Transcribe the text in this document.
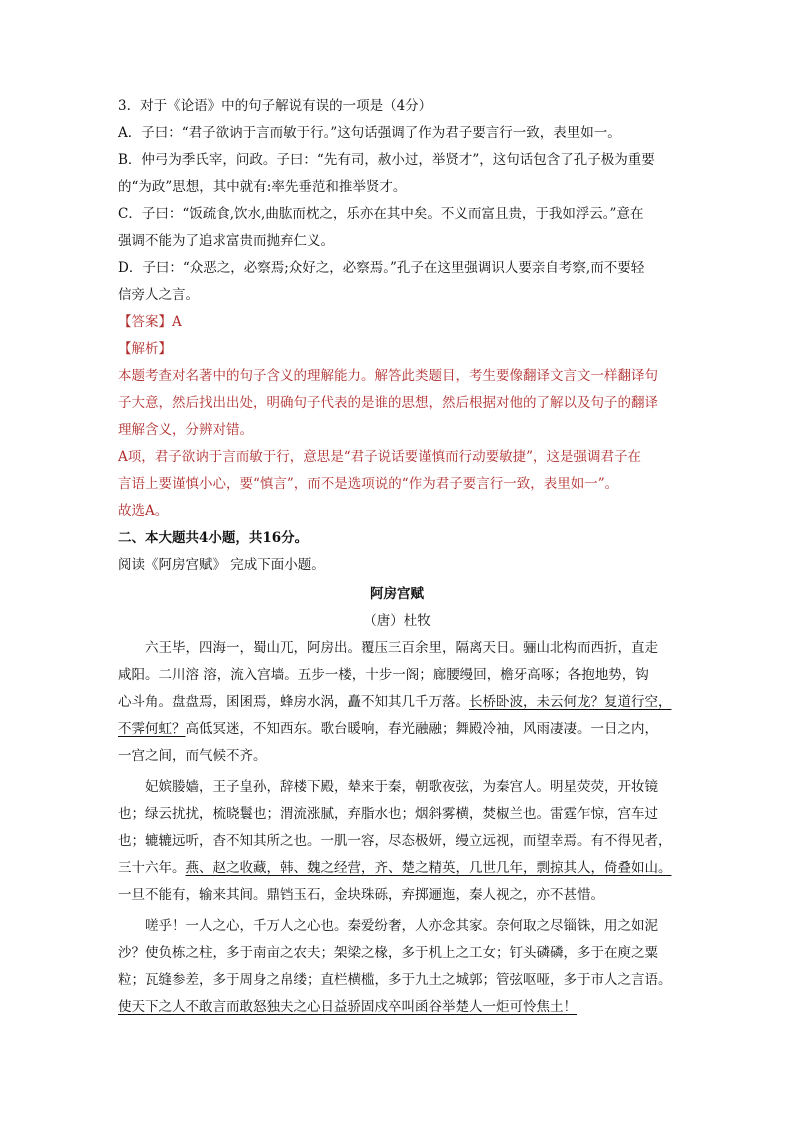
3．对于《论语》中的句子解说有误的一项是（4分）
A．子曰：“君子欲讷于言而敏于行。”这句话强调了作为君子要言行一致，表里如一。
B．仲弓为季氏宰，问政。子曰：“先有司，赦小过，举贤才”，这句话包含了孔子极为重要
的“为政”思想，其中就有:率先垂范和推举贤才。
C．子曰：“饭疏食,饮水,曲肱而枕之，乐亦在其中矣。不义而富且贵，于我如浮云。”意在
强调不能为了追求富贵而抛弃仁义。
D．子曰：“众恶之，必察焉;众好之，必察焉。”孔子在这里强调识人要亲自考察,而不要轻
信旁人之言。
【答案】A
【解析】
本题考查对名著中的句子含义的理解能力。解答此类题目，考生要像翻译文言文一样翻译句
子大意，然后找出出处，明确句子代表的是谁的思想，然后根据对他的了解以及句子的翻译
理解含义，分辨对错。
A项，君子欲讷于言而敏于行，意思是“君子说话要谨慎而行动要敏捷”，这是强调君子在
言语上要谨慎小心，要“慎言”，而不是选项说的“作为君子要言行一致，表里如一”。
故选A。
二、本大题共4小题，共16分。
阅读《阿房宫赋》 完成下面小题。
阿房宫赋
（唐）杜牧
六王毕，四海一，蜀山兀，阿房出。覆压三百余里，隔离天日。骊山北构而西折，直走
咸阳。二川溶 溶，流入宫墙。五步一楼，十步一阁；廊腰缦回，檐牙高啄；各抱地势，钩
心斗角。盘盘焉，囷囷焉，蜂房水涡，矗不知其几千万落。长桥卧波，未云何龙？复道行空，
不霁何虹？高低冥迷，不知西东。歌台暖响，春光融融；舞殿冷袖，风雨凄凄。一日之内，
一宫之间，而气候不齐。
妃嫔媵嫱，王子皇孙，辞楼下殿，辇来于秦，朝歌夜弦，为秦宫人。明星荧荧，开妆镜
也；绿云扰扰，梳晓鬟也；渭流涨腻，弃脂水也；烟斜雾横，焚椒兰也。雷霆乍惊，宫车过
也；辘辘远听，杳不知其所之也。一肌一容，尽态极妍，缦立远视，而望幸焉。有不得见者，
三十六年。燕、赵之收藏，韩、魏之经营，齐、楚之精英，几世几年，剽掠其人，倚叠如山。
一旦不能有，输来其间。鼎铛玉石，金块珠砾，弃掷逦迤，秦人视之，亦不甚惜。
嗟乎！一人之心，千万人之心也。秦爱纷奢，人亦念其家。奈何取之尽锱铢，用之如泥
沙？使负栋之柱，多于南亩之农夫；架梁之椽，多于机上之工女；钉头磷磷，多于在庾之粟
粒；瓦缝参差，多于周身之帛缕；直栏横槛，多于九土之城郭；管弦呕哑，多于市人之言语。
使天下之人不敢言而敢怒独夫之心日益骄固戍卒叫函谷举楚人一炬可怜焦土！
